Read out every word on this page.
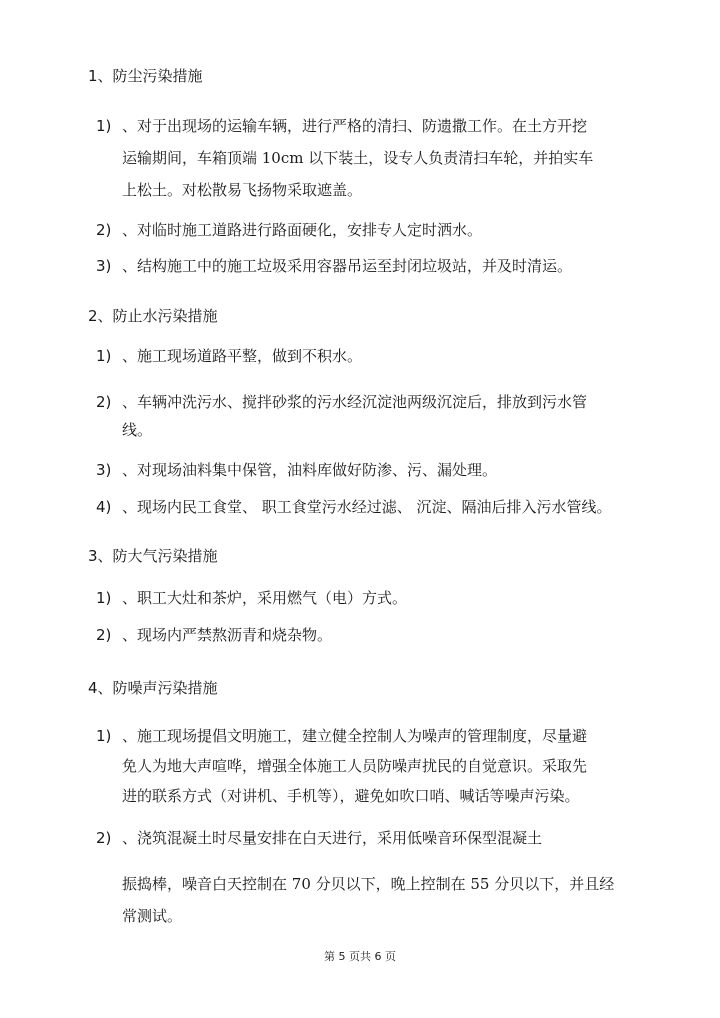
1、防尘污染措施
1) 、对于出现场的运输车辆，进行严格的清扫、防遗撒工作。在土方开挖
运输期间，车箱顶端 10cm 以下装土，设专人负责清扫车轮，并拍实车
上松土。对松散易飞扬物采取遮盖。
2) 、对临时施工道路进行路面硬化，安排专人定时洒水。
3) 、结构施工中的施工垃圾采用容器吊运至封闭垃圾站，并及时清运。
2、防止水污染措施
1) 、施工现场道路平整，做到不积水。
2) 、车辆冲洗污水、搅拌砂浆的污水经沉淀池两级沉淀后，排放到污水管
线。
3) 、对现场油料集中保管，油料库做好防渗、污、漏处理。
4) 、现场内民工食堂、 职工食堂污水经过滤、 沉淀、隔油后排入污水管线。
3、防大气污染措施
1) 、职工大灶和茶炉，采用燃气（电）方式。
2) 、现场内严禁熬沥青和烧杂物。
4、防噪声污染措施
1) 、施工现场提倡文明施工，建立健全控制人为噪声的管理制度，尽量避
免人为地大声喧哗，增强全体施工人员防噪声扰民的自觉意识。采取先
进的联系方式（对讲机、手机等），避免如吹口哨、喊话等噪声污染。
2) 、浇筑混凝土时尽量安排在白天进行，采用低噪音环保型混凝土
振捣棒，噪音白天控制在 70 分贝以下，晚上控制在 55 分贝以下，并且经
常测试。
第 5 页共 6 页
